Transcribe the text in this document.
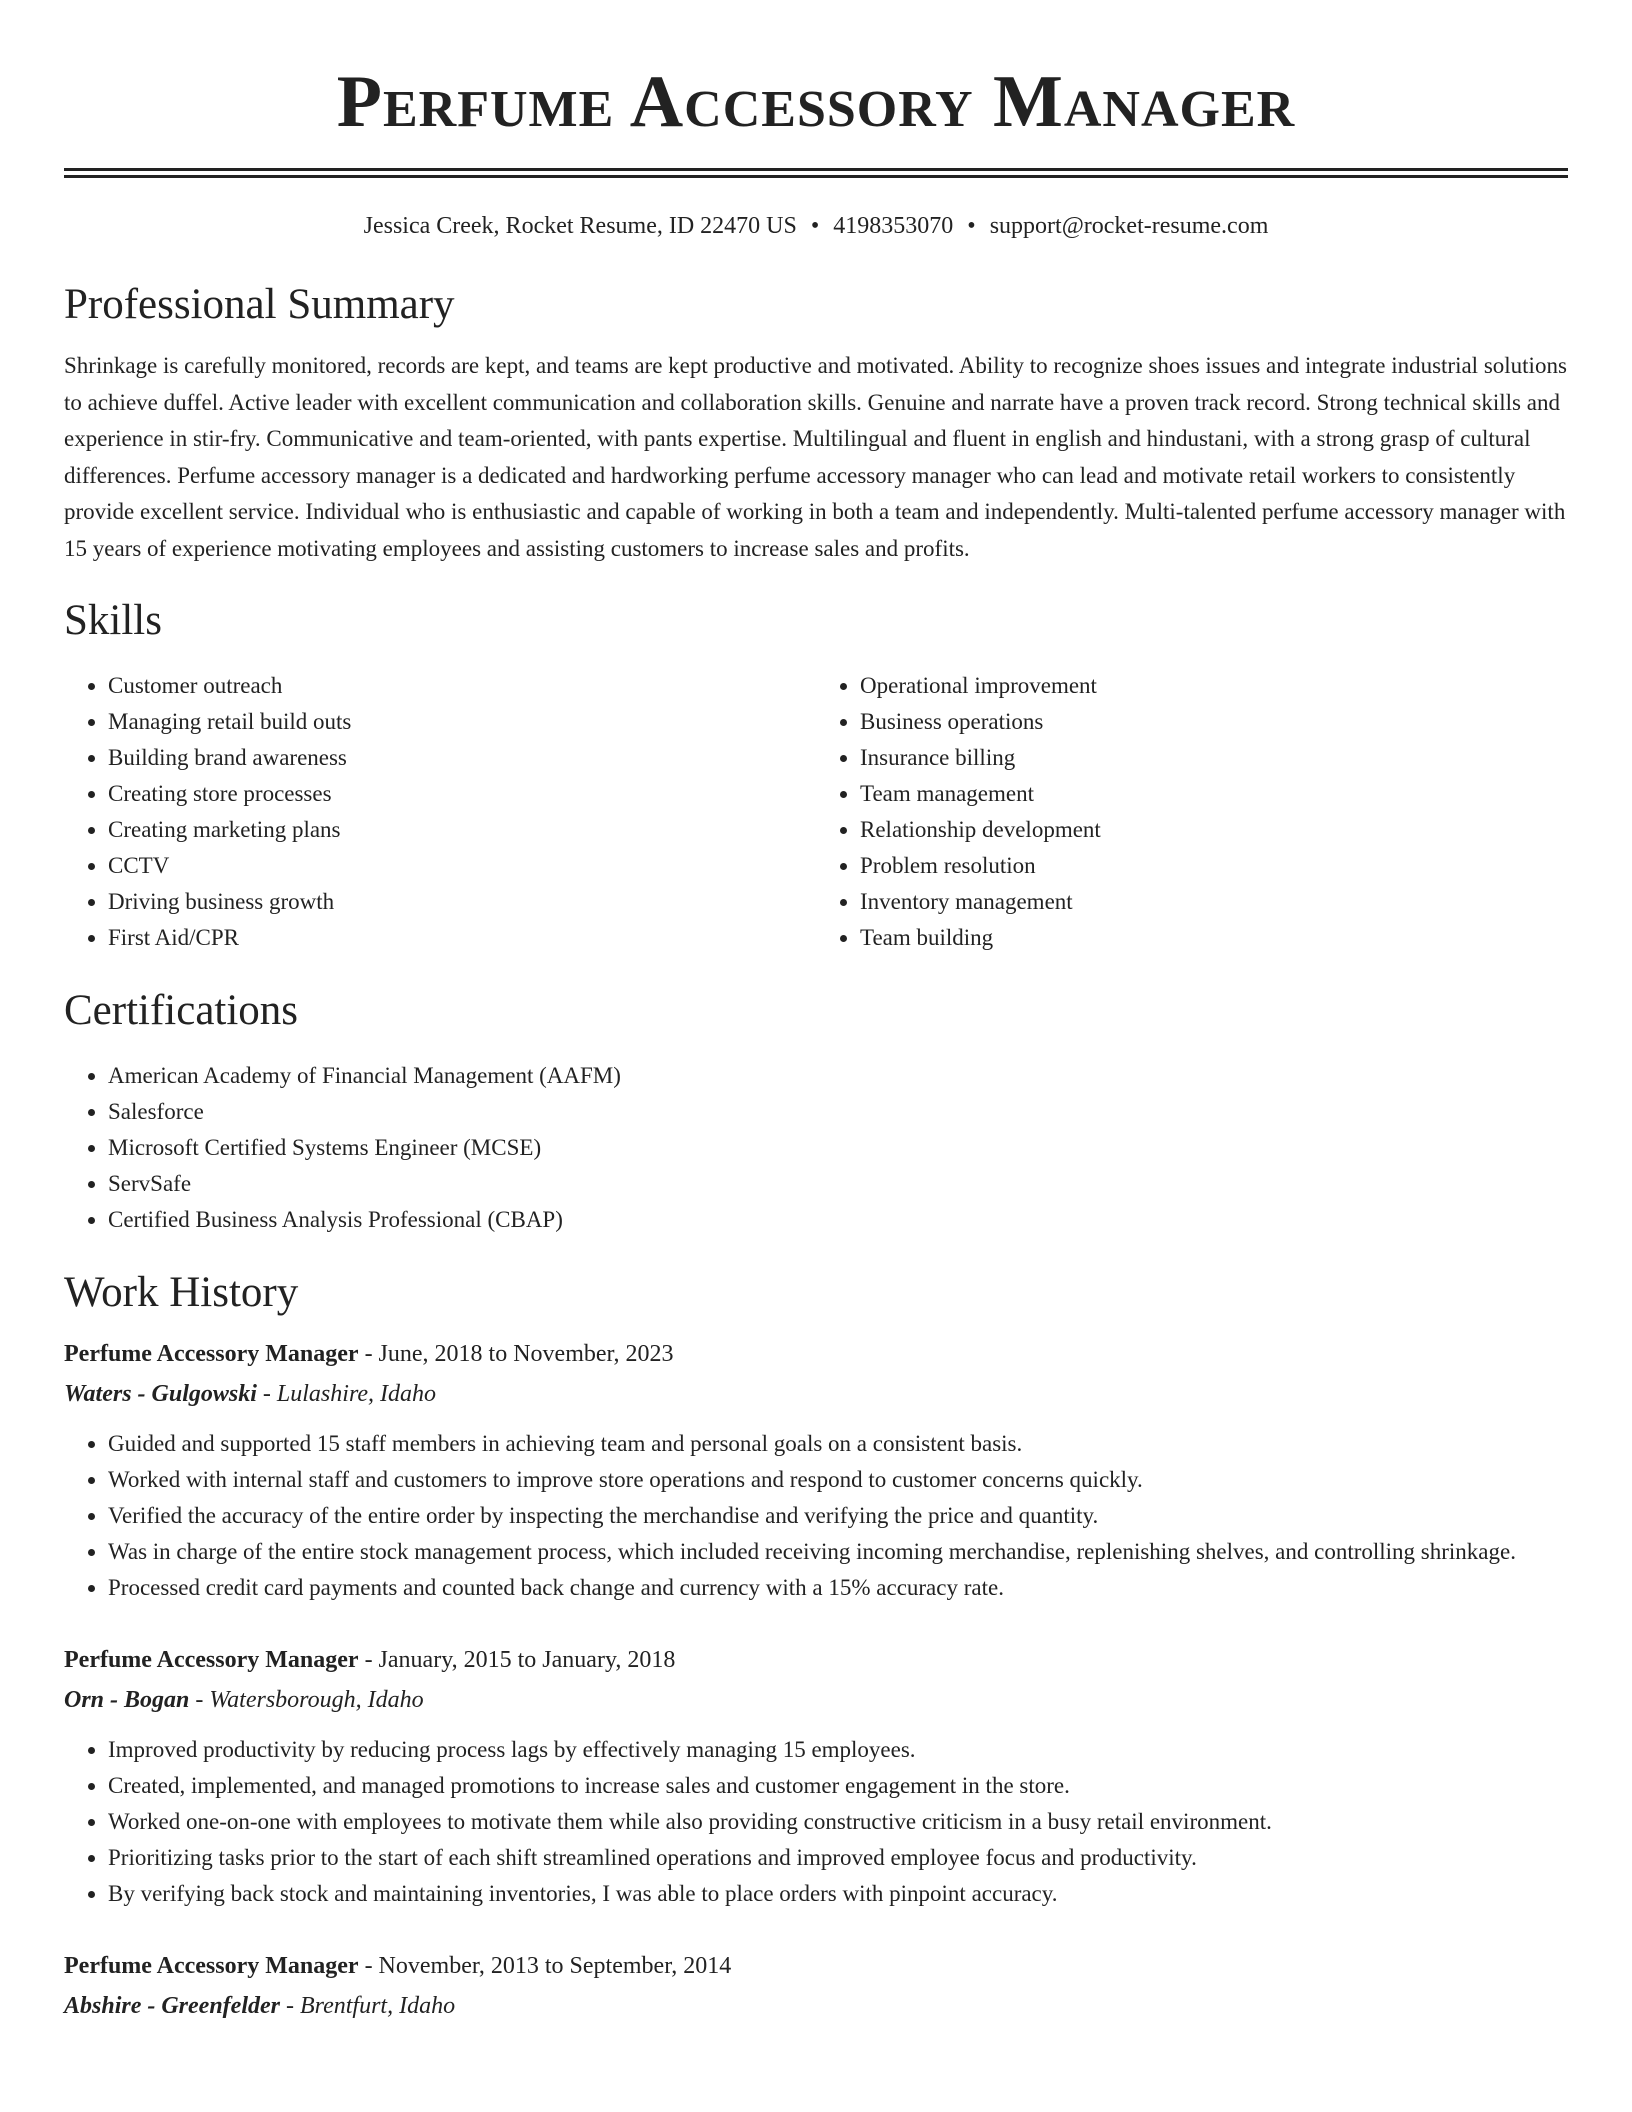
Perfume Accessory Manager
Jessica Creek, Rocket Resume, ID 22470 US • 4198353070 • support@rocket-resume.com
Professional Summary
Shrinkage is carefully monitored, records are kept, and teams are kept productive and motivated. Ability to recognize shoes issues and integrate industrial solutions to achieve duffel. Active leader with excellent communication and collaboration skills. Genuine and narrate have a proven track record. Strong technical skills and experience in stir-fry. Communicative and team-oriented, with pants expertise. Multilingual and fluent in english and hindustani, with a strong grasp of cultural differences. Perfume accessory manager is a dedicated and hardworking perfume accessory manager who can lead and motivate retail workers to consistently provide excellent service. Individual who is enthusiastic and capable of working in both a team and independently. Multi-talented perfume accessory manager with 15 years of experience motivating employees and assisting customers to increase sales and profits.
Skills
• Customer outreach
• Managing retail build outs
• Building brand awareness
• Creating store processes
• Creating marketing plans
• CCTV
• Driving business growth
• First Aid/CPR
• Operational improvement
• Business operations
• Insurance billing
• Team management
• Relationship development
• Problem resolution
• Inventory management
• Team building
Certifications
• American Academy of Financial Management (AAFM)
• Salesforce
• Microsoft Certified Systems Engineer (MCSE)
• ServSafe
• Certified Business Analysis Professional (CBAP)
Work History
Perfume Accessory Manager - June, 2018 to November, 2023
Waters - Gulgowski - Lulashire, Idaho
• Guided and supported 15 staff members in achieving team and personal goals on a consistent basis.
• Worked with internal staff and customers to improve store operations and respond to customer concerns quickly.
• Verified the accuracy of the entire order by inspecting the merchandise and verifying the price and quantity.
• Was in charge of the entire stock management process, which included receiving incoming merchandise, replenishing shelves, and controlling shrinkage.
• Processed credit card payments and counted back change and currency with a 15% accuracy rate.
Perfume Accessory Manager - January, 2015 to January, 2018
Orn - Bogan - Watersborough, Idaho
• Improved productivity by reducing process lags by effectively managing 15 employees.
• Created, implemented, and managed promotions to increase sales and customer engagement in the store.
• Worked one-on-one with employees to motivate them while also providing constructive criticism in a busy retail environment.
• Prioritizing tasks prior to the start of each shift streamlined operations and improved employee focus and productivity.
• By verifying back stock and maintaining inventories, I was able to place orders with pinpoint accuracy.
Perfume Accessory Manager - November, 2013 to September, 2014
Abshire - Greenfelder - Brentfurt, Idaho
